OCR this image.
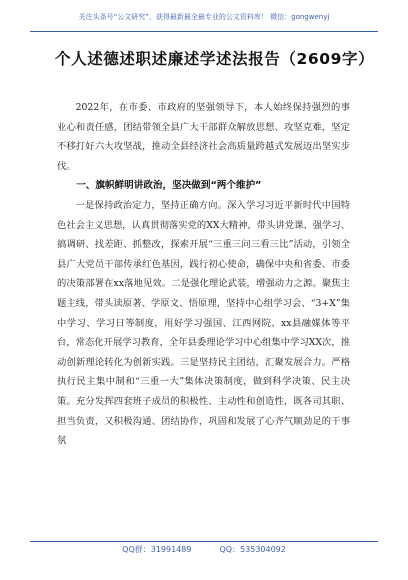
关注头条号“公文研究”，获得最新最全最专业的公文资料库！ 微信：gongwenyj
个人述德述职述廉述学述法报告（2609字）

2022年，在市委、市政府的坚强领导下，本人始终保持强烈的事业心和责任感，团结带领全县广大干部群众解放思想、攻坚克难，坚定不移打好六大攻坚战，推动全县经济社会高质量跨越式发展迈出坚实步伐。

一、旗帜鲜明讲政治，坚决做到“两个维护”

一是保持政治定力，坚持正确方向。深入学习习近平新时代中国特色社会主义思想，认真贯彻落实党的XX大精神，带头讲党课、强学习、搞调研、找差距、抓整改，探索开展“三重三问三看三比”活动，引领全县广大党员干部传承红色基因，践行初心使命，确保中央和省委、市委的决策部署在xx落地见效。二是强化理论武装，增强动力之源。聚焦主题主线，带头读原著、学原文、悟原理，坚持中心组学习会、“3+X”集中学习、学习日等制度，用好学习强国、江西网院、xx县融媒体等平台，常态化开展学习教育，全年县委理论学习中心组集中学习XX次，推动创新理论转化为创新实践。三是坚持民主团结，汇聚发展合力。严格执行民主集中制和“三重一大”集体决策制度，做到科学决策、民主决策。充分发挥四套班子成员的积极性、主动性和创造性，既各司其职、担当负责，又积极沟通、团结协作，巩固和发展了心齐气顺劲足的干事氛

QQ群：31991489	QQ：535304092
